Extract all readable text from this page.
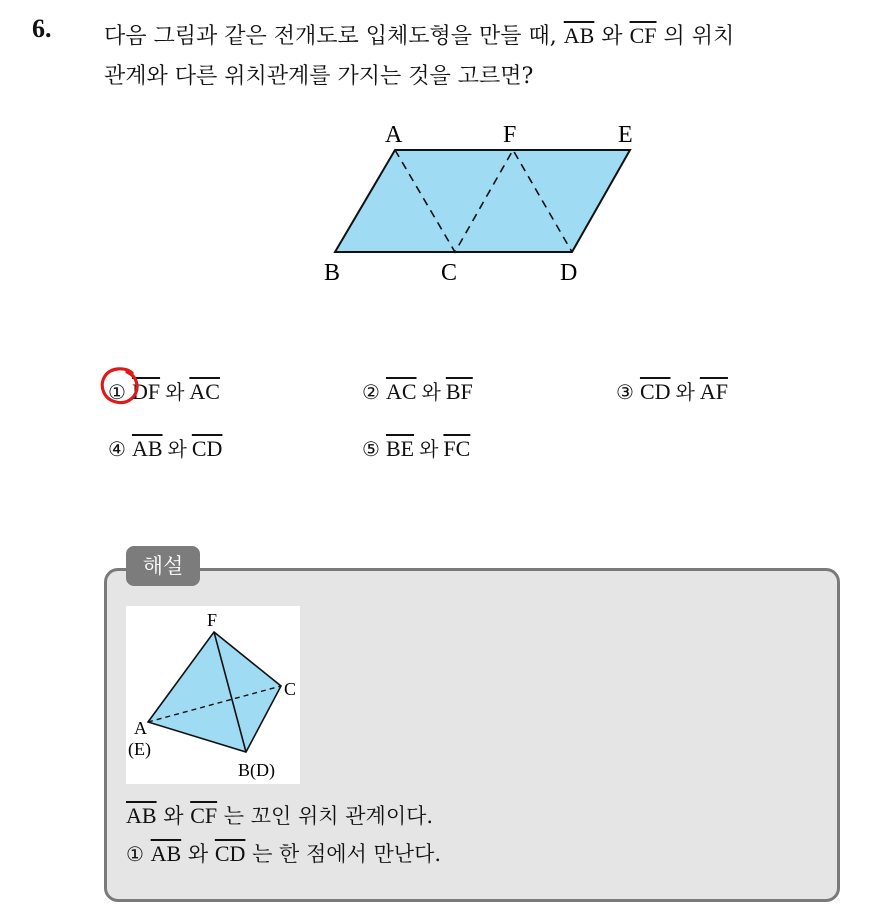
6. 다음 그림과 같은 전개도로 입체도형을 만들 때, $\overline{AB}$ 와 $\overline{CF}$ 의 위치
관계와 다른 위치관계를 가지는 것을 고르면?
A	F	E
B	C	D
① $\overline{DF}$ 와 $\overline{AC}$	② $\overline{AC}$ 와 $\overline{BF}$	③ $\overline{CD}$ 와 $\overline{AF}$
④ $\overline{AB}$ 와 $\overline{CD}$	⑤ $\overline{BE}$ 와 $\overline{FC}$
해설
F
C
A
(E)
B(D)
$\overline{AB}$ 와 $\overline{CF}$ 는 꼬인 위치 관계이다.
① $\overline{AB}$ 와 $\overline{CD}$ 는 한 점에서 만난다.
